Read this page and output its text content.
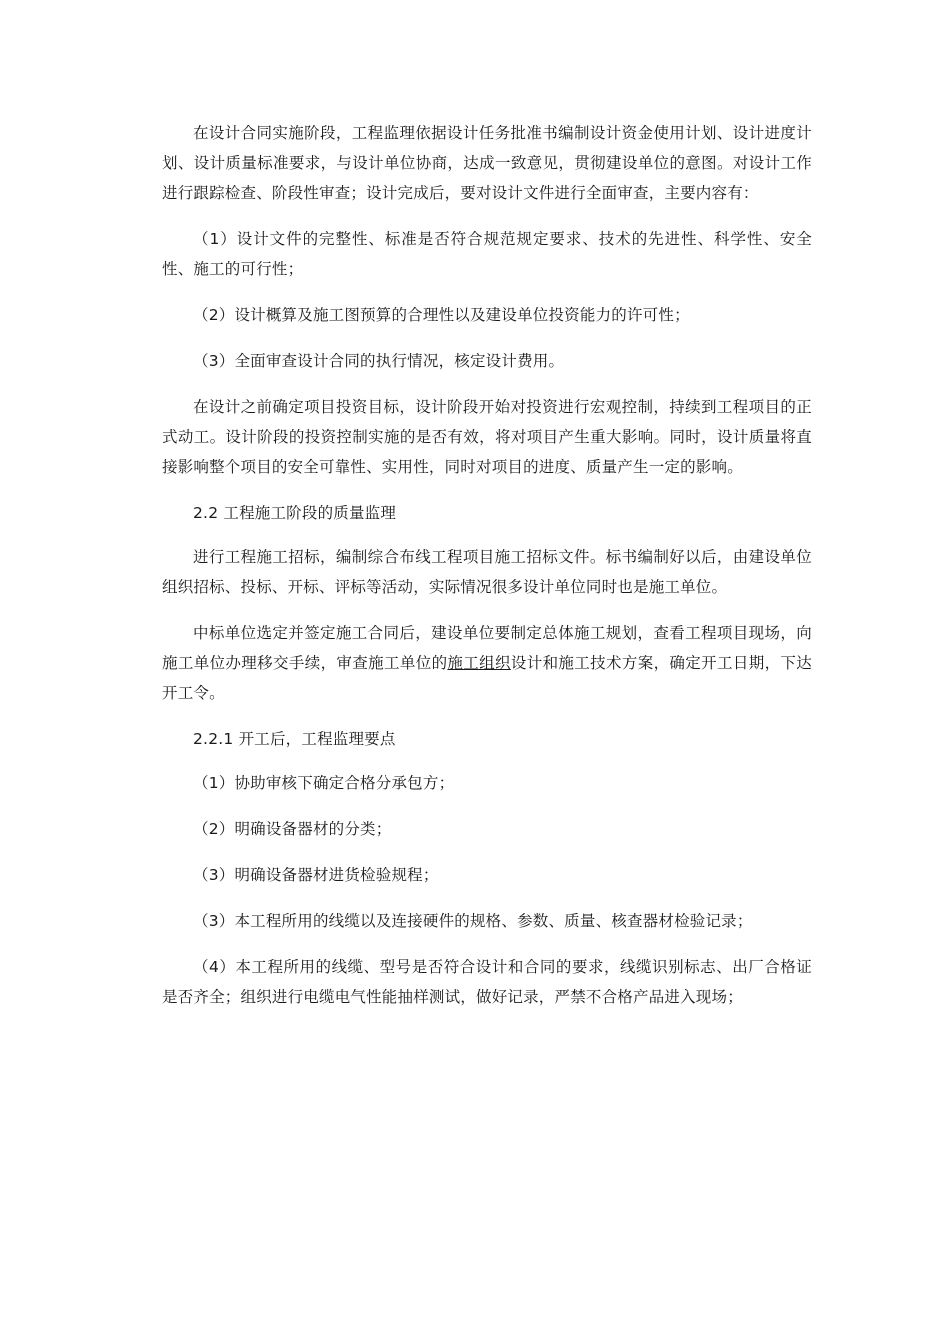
在设计合同实施阶段，工程监理依据设计任务批准书编制设计资金使用计划、设计进度计划、设计质量标准要求，与设计单位协商，达成一致意见，贯彻建设单位的意图。对设计工作进行跟踪检查、阶段性审查；设计完成后，要对设计文件进行全面审查，主要内容有：

（1）设计文件的完整性、标准是否符合规范规定要求、技术的先进性、科学性、安全性、施工的可行性；

（2）设计概算及施工图预算的合理性以及建设单位投资能力的许可性；

（3）全面审查设计合同的执行情况，核定设计费用。

在设计之前确定项目投资目标，设计阶段开始对投资进行宏观控制，持续到工程项目的正式动工。设计阶段的投资控制实施的是否有效，将对项目产生重大影响。同时，设计质量将直接影响整个项目的安全可靠性、实用性，同时对项目的进度、质量产生一定的影响。

2.2 工程施工阶段的质量监理

进行工程施工招标，编制综合布线工程项目施工招标文件。标书编制好以后，由建设单位组织招标、投标、开标、评标等活动，实际情况很多设计单位同时也是施工单位。

中标单位选定并签定施工合同后，建设单位要制定总体施工规划，查看工程项目现场，向施工单位办理移交手续，审查施工单位的施工组织设计和施工技术方案，确定开工日期，下达开工令。

2.2.1 开工后，工程监理要点

（1）协助审核下确定合格分承包方；

（2）明确设备器材的分类；

（3）明确设备器材进货检验规程；

（3）本工程所用的线缆以及连接硬件的规格、参数、质量、核查器材检验记录；

（4）本工程所用的线缆、型号是否符合设计和合同的要求，线缆识别标志、出厂合格证是否齐全；组织进行电缆电气性能抽样测试，做好记录，严禁不合格产品进入现场；
